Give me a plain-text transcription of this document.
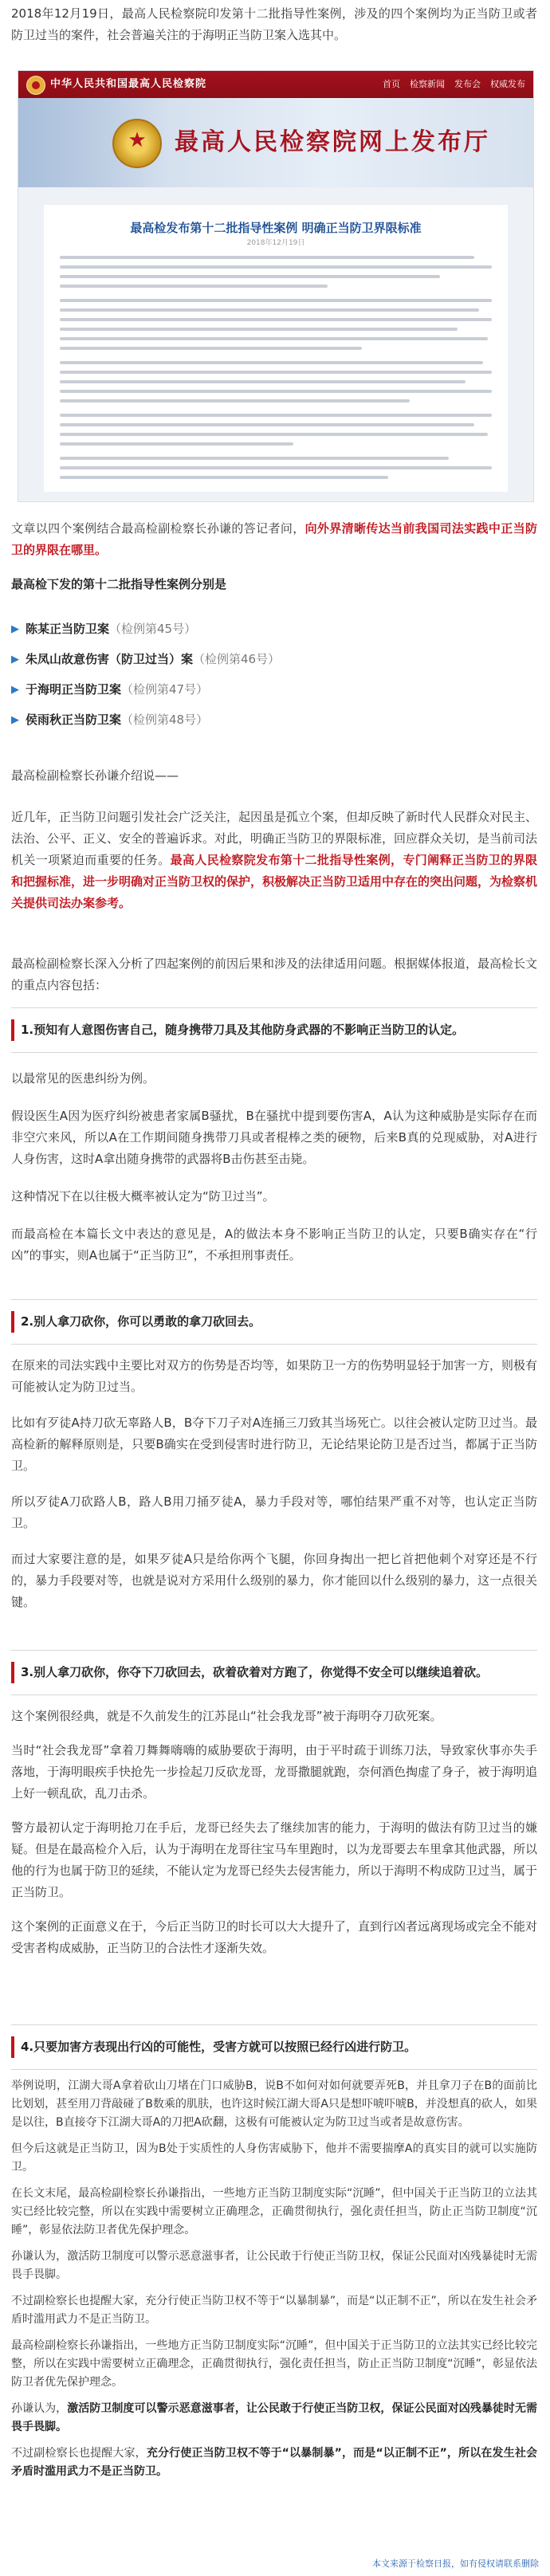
2018年12月19日，最高人民检察院印发第十二批指导性案例，涉及的四个案例均为正当防卫或者防卫过当的案件，社会普遍关注的于海明正当防卫案入选其中。

中华人民共和国最高人民检察院	首页 检察新闻 发布会 权威发布
★
最高人民检察院网上发布厅
最高检发布第十二批指导性案例 明确正当防卫界限标准
2018年12月19日

文章以四个案例结合最高检副检察长孙谦的答记者问，向外界清晰传达当前我国司法实践中正当防卫的界限在哪里。

最高检下发的第十二批指导性案例分别是

▶ 陈某正当防卫案 （检例第45号）
▶ 朱凤山故意伤害（防卫过当）案 （检例第46号）
▶ 于海明正当防卫案 （检例第47号）
▶ 侯雨秋正当防卫案 （检例第48号）

最高检副检察长孙谦介绍说——

近几年，正当防卫问题引发社会广泛关注，起因虽是孤立个案，但却反映了新时代人民群众对民主、法治、公平、正义、安全的普遍诉求。对此，明确正当防卫的界限标准，回应群众关切，是当前司法机关一项紧迫而重要的任务。最高人民检察院发布第十二批指导性案例，专门阐释正当防卫的界限和把握标准，进一步明确对正当防卫权的保护，积极解决正当防卫适用中存在的突出问题，为检察机关提供司法办案参考。

最高检副检察长深入分析了四起案例的前因后果和涉及的法律适用问题。根据媒体报道，最高检长文的重点内容包括：

1.预知有人意图伤害自己，随身携带刀具及其他防身武器的不影响正当防卫的认定。

以最常见的医患纠纷为例。

假设医生A因为医疗纠纷被患者家属B骚扰，B在骚扰中提到要伤害A，A认为这种威胁是实际存在而非空穴来风，所以A在工作期间随身携带刀具或者棍棒之类的硬物，后来B真的兑现威胁，对A进行人身伤害，这时A拿出随身携带的武器将B击伤甚至击毙。

这种情况下在以往极大概率被认定为“防卫过当”。

而最高检在本篇长文中表达的意见是，A的做法本身不影响正当防卫的认定，只要B确实存在“行凶”的事实，则A也属于“正当防卫”，不承担刑事责任。

2.别人拿刀砍你，你可以勇敢的拿刀砍回去。

在原来的司法实践中主要比对双方的伤势是否均等，如果防卫一方的伤势明显轻于加害一方，则极有可能被认定为防卫过当。

比如有歹徒A持刀砍无辜路人B，B夺下刀子对A连捅三刀致其当场死亡。以往会被认定防卫过当。最高检新的解释原则是，只要B确实在受到侵害时进行防卫，无论结果论防卫是否过当，都属于正当防卫。

所以歹徒A刀砍路人B，路人B用刀捅歹徒A，暴力手段对等，哪怕结果严重不对等，也认定正当防卫。

而过大家要注意的是，如果歹徒A只是给你两个飞腿，你回身掏出一把匕首把他刺个对穿还是不行的，暴力手段要对等，也就是说对方采用什么级别的暴力，你才能回以什么级别的暴力，这一点很关键。

3.别人拿刀砍你，你夺下刀砍回去，砍着砍着对方跑了，你觉得不安全可以继续追着砍。

这个案例很经典，就是不久前发生的江苏昆山“社会我龙哥”被于海明夺刀砍死案。

当时“社会我龙哥”拿着刀舞舞嗨嗨的威胁要砍于海明，由于平时疏于训练刀法，导致家伙事亦失手落地，于海明眼疾手快抢先一步捡起刀反砍龙哥，龙哥撒腿就跑，奈何酒色掏虚了身子，被于海明追上好一顿乱砍，乱刀击杀。

警方最初认定于海明抢刀在手后，龙哥已经失去了继续加害的能力，于海明的做法有防卫过当的嫌疑。但是在最高检介入后，认为于海明在龙哥往宝马车里跑时，以为龙哥要去车里拿其他武器，所以他的行为也属于防卫的延续，不能认定为龙哥已经失去侵害能力，所以于海明不构成防卫过当，属于正当防卫。

这个案例的正面意义在于，今后正当防卫的时长可以大大提升了，直到行凶者远离现场或完全不能对受害者构成威胁，正当防卫的合法性才逐渐失效。

4.只要加害方表现出行凶的可能性，受害方就可以按照已经行凶进行防卫。

举例说明，江湖大哥A拿着砍山刀堵在门口威胁B，说B不如何对如何就要弄死B，并且拿刀子在B的面前比比划划，甚至用刀背敲碰了B数乘的肌肤，也许这时候江湖大哥A只是想吓唬吓唬B，并没想真的砍人，如果是以往，B直接夺下江湖大哥A的刀把A砍翻，这极有可能被认定为防卫过当或者是故意伤害。

但今后这就是正当防卫，因为B处于实质性的人身伤害威胁下，他并不需要揣摩A的真实目的就可以实施防卫。

在长文末尾，最高检副检察长孙谦指出，一些地方正当防卫制度实际“沉睡”，但中国关于正当防卫的立法其实已经比较完整，所以在实践中需要树立正确理念，正确贯彻执行，强化责任担当，防止正当防卫制度“沉睡”，彰显依法防卫者优先保护理念。

孙谦认为，激活防卫制度可以警示恶意滋事者，让公民敢于行使正当防卫权，保证公民面对凶残暴徒时无需畏手畏脚。

不过副检察长也提醒大家，充分行使正当防卫权不等于“以暴制暴”，而是“以正制不正”，所以在发生社会矛盾时滥用武力不是正当防卫。

最高检副检察长孙谦指出，一些地方正当防卫制度实际“沉睡”，但中国关于正当防卫的立法其实已经比较完整，所以在实践中需要树立正确理念，正确贯彻执行，强化责任担当，防止正当防卫制度“沉睡”，彰显依法防卫者优先保护理念。

孙谦认为，激活防卫制度可以警示恶意滋事者，让公民敢于行使正当防卫权，保证公民面对凶残暴徒时无需畏手畏脚。

不过副检察长也提醒大家，充分行使正当防卫权不等于“以暴制暴”，而是“以正制不正”，所以在发生社会矛盾时滥用武力不是正当防卫。

本文来源于检察日报，如有侵权请联系删除
